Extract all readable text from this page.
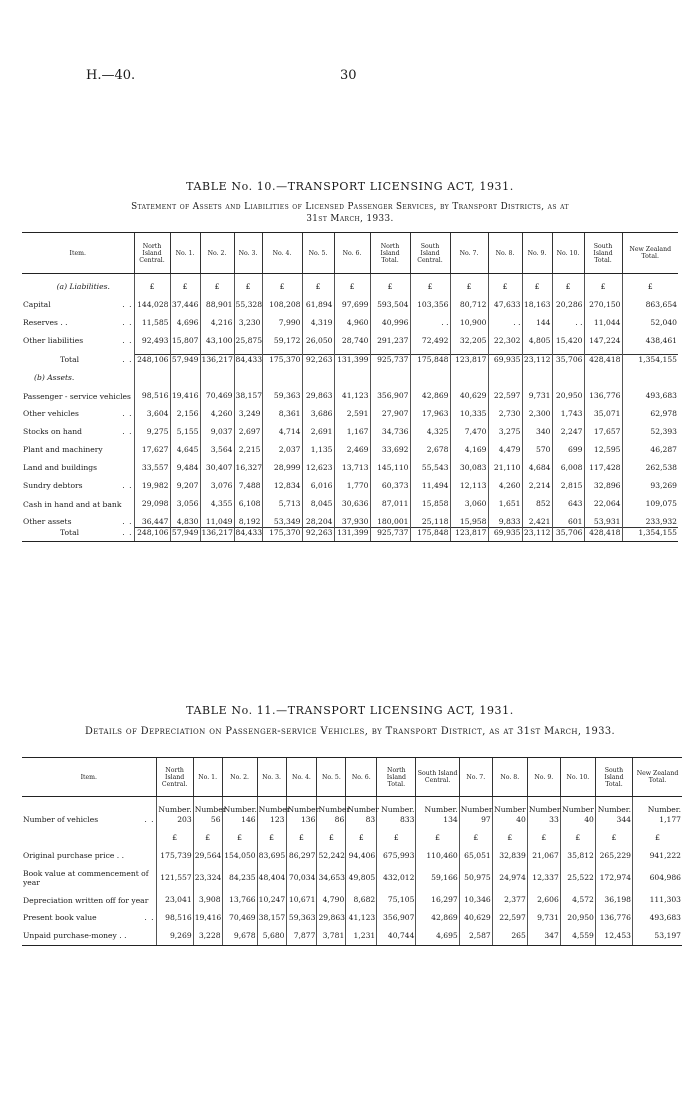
H.—40.	30
TABLE No. 10.—TRANSPORT LICENSING ACT, 1931.
Statement of Assets and Liabilities of Licensed Passenger Services, by Transport Districts, as at
31st March, 1933.
Item.	North Island Central.	No. 1.	No. 2.	No. 3.	No. 4.	No. 5.	No. 6.	North Island Total.	South Island Central.	No. 7.	No. 8.	No. 9.	No. 10.	South Island Total.	New Zealand Total.

(a) Liabilities.	£	£	£	£	£	£	£	£	£	£	£	£	£	£	£

Capital . .	144,028	37,446	88,901	55,328	108,208	61,894	97,699	593,504	103,356	80,712	47,633	18,163	20,286	270,150	863,654

Reserves . . . .	11,585	4,696	4,216	3,230	7,990	4,319	4,960	40,996	. .	10,900	. .	144	. .	11,044	52,040

Other liabilities . .	92,493	15,807	43,100	25,875	59,172	26,050	28,740	291,237	72,492	32,205	22,302	4,805	15,420	147,224	438,461

Total . .	248,106	57,949	136,217	84,433	175,370	92,263	131,399	925,737	175,848	123,817	69,935	23,112	35,706	428,418	1,354,155

(b) Assets.															

Passenger - service vehicles	98,516	19,416	70,469	38,157	59,363	29,863	41,123	356,907	42,869	40,629	22,597	9,731	20,950	136,776	493,683

Other vehicles . .	3,604	2,156	4,260	3,249	8,361	3,686	2,591	27,907	17,963	10,335	2,730	2,300	1,743	35,071	62,978

Stocks on hand . .	9,275	5,155	9,037	2,697	4,714	2,691	1,167	34,736	4,325	7,470	3,275	340	2,247	17,657	52,393

Plant and machinery	17,627	4,645	3,564	2,215	2,037	1,135	2,469	33,692	2,678	4,169	4,479	570	699	12,595	46,287

Land and buildings	33,557	9,484	30,407	16,327	28,999	12,623	13,713	145,110	55,543	30,083	21,110	4,684	6,008	117,428	262,538

Sundry debtors . .	19,982	9,207	3,076	7,488	12,834	6,016	1,770	60,373	11,494	12,113	4,260	2,214	2,815	32,896	93,269

Cash in hand and at bank	29,098	3,056	4,355	6,108	5,713	8,045	30,636	87,011	15,858	3,060	1,651	852	643	22,064	109,075

Other assets . .	36,447	4,830	11,049	8,192	53,349	28,204	37,930	180,001	25,118	15,958	9,833	2,421	601	53,931	233,932
Total . .	248,106	57,949	136,217	84,433	175,370	92,263	131,399	925,737	175,848	123,817	69,935	23,112	35,706	428,418	1,354,155
TABLE No. 11.—TRANSPORT LICENSING ACT, 1931.
Details of Depreciation on Passenger-service Vehicles, by Transport District, as at 31st March, 1933.
Item.	North Island Central.	No. 1.	No. 2.	No. 3.	No. 4.	No. 5.	No. 6.	North Island Total.	South Island Central.	No. 7.	No. 8.	No. 9.	No. 10.	South Island Total.	New Zealand Total.

	Number.	Number	Number.	Number	Number	Number	Number	Number.	Number.	Number	Number	Number	Number	Number.	Number.
Number of vehicles . .	203	56	146	123	136	86	83	833	134	97	40	33	40	344	1,177

	£	£	£	£	£	£	£	£	£	£	£	£	£	£	£

Original purchase price . .	175,739	29,564	154,050	83,695	86,297	52,242	94,406	675,993	110,460	65,051	32,839	21,067	35,812	265,229	941,222

Book value at commencement of year	121,557	23,324	84,235	48,404	70,034	34,653	49,805	432,012	59,166	50,975	24,974	12,337	25,522	172,974	604,986

Depreciation written off for year	23,041	3,908	13,766	10,247	10,671	4,790	8,682	75,105	16,297	10,346	2,377	2,606	4,572	36,198	111,303

Present book value . .	98,516	19,416	70,469	38,157	59,363	29,863	41,123	356,907	42,869	40,629	22,597	9,731	20,950	136,776	493,683

Unpaid purchase-money . .	9,269	3,228	9,678	5,680	7,877	3,781	1,231	40,744	4,695	2,587	265	347	4,559	12,453	53,197
